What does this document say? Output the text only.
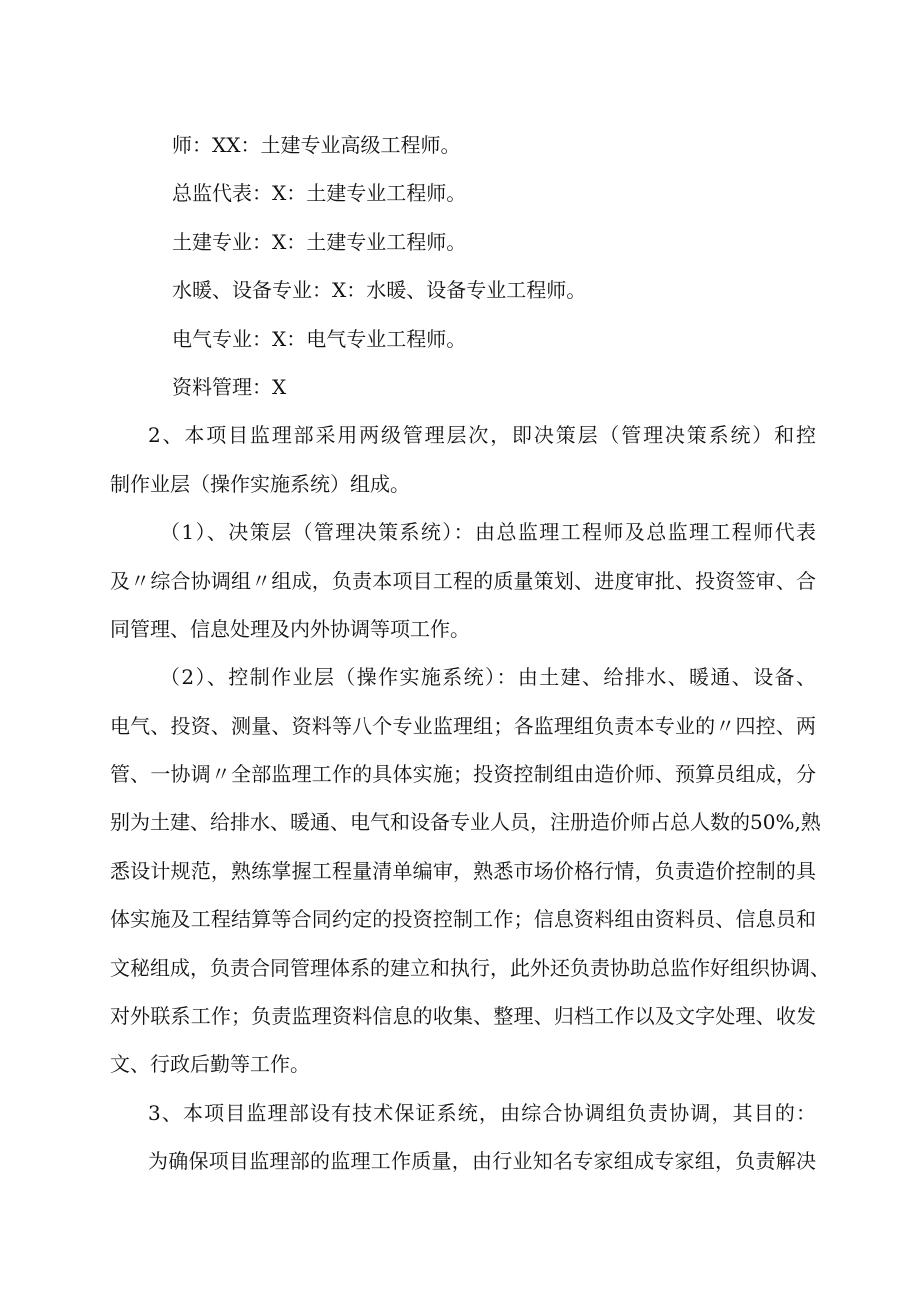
师：XX：土建专业高级工程师。
总监代表：X：土建专业工程师。
土建专业：X：土建专业工程师。
水暖、设备专业：X：水暖、设备专业工程师。
电气专业：X：电气专业工程师。
资料管理：X
2、本项目监理部采用两级管理层次，即决策层（管理决策系统）和控
制作业层（操作实施系统）组成。
（1）、决策层（管理决策系统）：由总监理工程师及总监理工程师代表
及〃综合协调组〃组成，负责本项目工程的质量策划、进度审批、投资签审、合
同管理、信息处理及内外协调等项工作。
（2）、控制作业层（操作实施系统）：由土建、给排水、暖通、设备、
电气、投资、测量、资料等八个专业监理组；各监理组负责本专业的〃四控、两
管、一协调〃全部监理工作的具体实施；投资控制组由造价师、预算员组成，分
别为土建、给排水、暖通、电气和设备专业人员，注册造价师占总人数的50%,熟
悉设计规范，熟练掌握工程量清单编审，熟悉市场价格行情，负责造价控制的具
体实施及工程结算等合同约定的投资控制工作；信息资料组由资料员、信息员和
文秘组成，负责合同管理体系的建立和执行，此外还负责协助总监作好组织协调、
对外联系工作；负责监理资料信息的收集、整理、归档工作以及文字处理、收发
文、行政后勤等工作。
3、本项目监理部设有技术保证系统，由综合协调组负责协调，其目的：
为确保项目监理部的监理工作质量，由行业知名专家组成专家组，负责解决
